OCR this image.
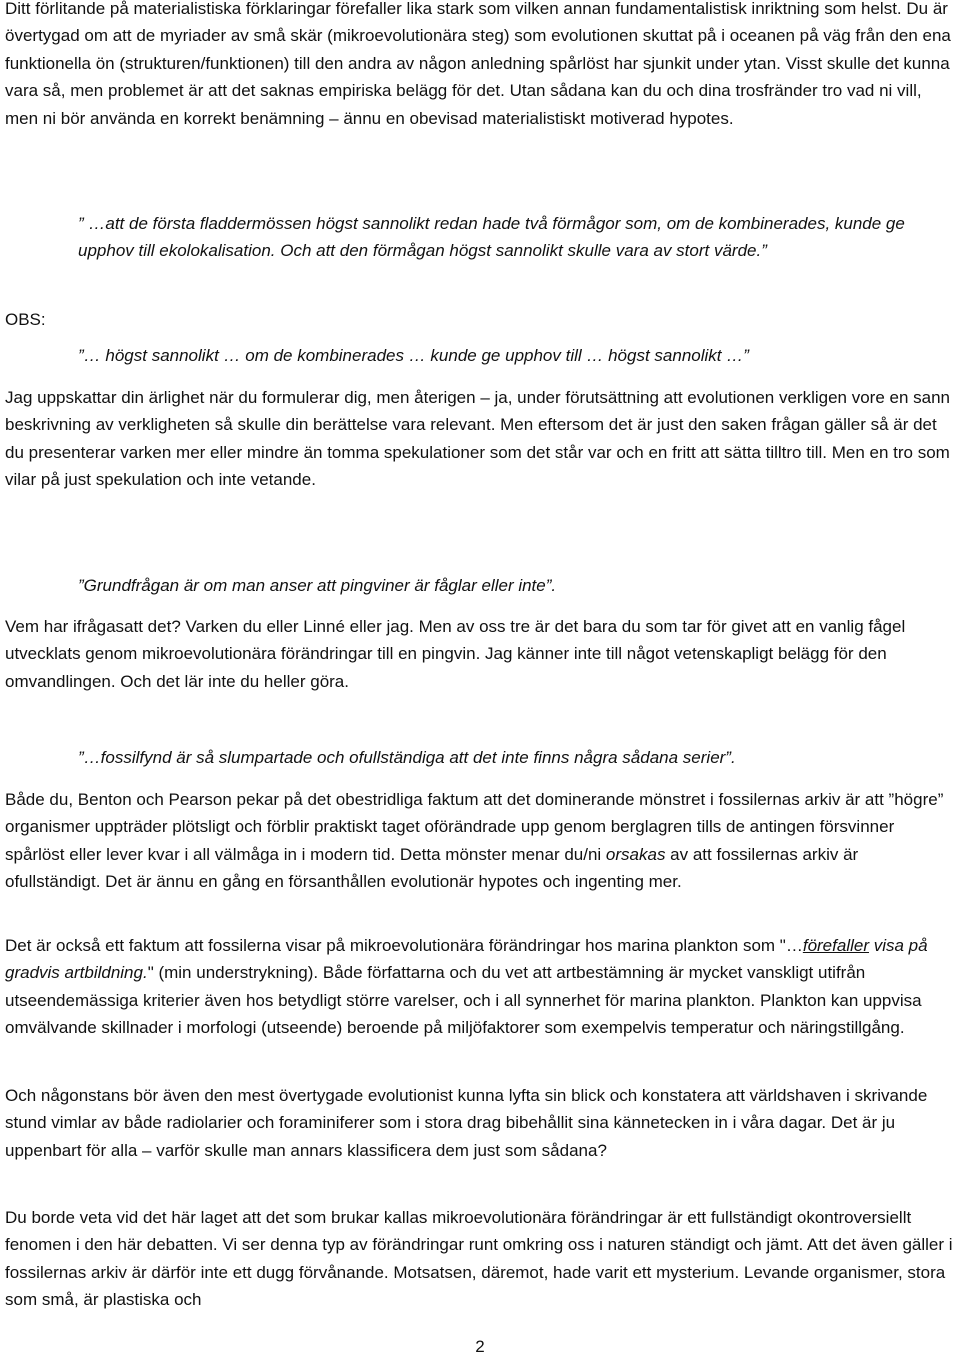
Ditt förlitande på materialistiska förklaringar förefaller lika stark som vilken annan fundamentalistisk inriktning som helst. Du är övertygad om att de myriader av små skär (mikroevolutionära steg) som evolutionen skuttat på i oceanen på väg från den ena funktionella ön (strukturen/funktionen) till den andra av någon anledning spårlöst har sjunkit under ytan. Visst skulle det kunna vara så, men problemet är att det saknas empiriska belägg för det. Utan sådana kan du och dina trosfränder tro vad ni vill, men ni bör använda en korrekt benämning – ännu en obevisad materialistiskt motiverad hypotes.

” …att de första fladdermössen högst sannolikt redan hade två förmågor som, om de kombinerades, kunde ge upphov till ekolokalisation. Och att den förmågan högst sannolikt skulle vara av stort värde.”

OBS:

”… högst sannolikt … om de kombinerades … kunde ge upphov till … högst sannolikt …”

Jag uppskattar din ärlighet när du formulerar dig, men återigen – ja, under förutsättning att evolutionen verkligen vore en sann beskrivning av verkligheten så skulle din berättelse vara relevant. Men eftersom det är just den saken frågan gäller så är det du presenterar varken mer eller mindre än tomma spekulationer som det står var och en fritt att sätta tilltro till. Men en tro som vilar på just spekulation och inte vetande.

”Grundfrågan är om man anser att pingviner är fåglar eller inte”.

Vem har ifrågasatt det? Varken du eller Linné eller jag. Men av oss tre är det bara du som tar för givet att en vanlig fågel utvecklats genom mikroevolutionära förändringar till en pingvin. Jag känner inte till något vetenskapligt belägg för den omvandlingen. Och det lär inte du heller göra.

”…fossilfynd är så slumpartade och ofullständiga att det inte finns några sådana serier”.

Både du, Benton och Pearson pekar på det obestridliga faktum att det dominerande mönstret i fossilernas arkiv är att ”högre” organismer uppträder plötsligt och förblir praktiskt taget oförändrade upp genom berglagren tills de antingen försvinner spårlöst eller lever kvar i all välmåga in i modern tid. Detta mönster menar du/ni orsakas av att fossilernas arkiv är ofullständigt. Det är ännu en gång en försanthållen evolutionär hypotes och ingenting mer.

Det är också ett faktum att fossilerna visar på mikroevolutionära förändringar hos marina plankton som "…förefaller visa på gradvis artbildning." (min understrykning). Både författarna och du vet att artbestämning är mycket vanskligt utifrån utseendemässiga kriterier även hos betydligt större varelser, och i all synnerhet för marina plankton. Plankton kan uppvisa omvälvande skillnader i morfologi (utseende) beroende på miljöfaktorer som exempelvis temperatur och näringstillgång.

Och någonstans bör även den mest övertygade evolutionist kunna lyfta sin blick och konstatera att världshaven i skrivande stund vimlar av både radiolarier och foraminiferer som i stora drag bibehållit sina kännetecken in i våra dagar. Det är ju uppenbart för alla – varför skulle man annars klassificera dem just som sådana?

Du borde veta vid det här laget att det som brukar kallas mikroevolutionära förändringar är ett fullständigt okontroversiellt fenomen i den här debatten. Vi ser denna typ av förändringar runt omkring oss i naturen ständigt och jämt. Att det även gäller i fossilernas arkiv är därför inte ett dugg förvånande. Motsatsen, däremot, hade varit ett mysterium. Levande organismer, stora som små, är plastiska och

2
